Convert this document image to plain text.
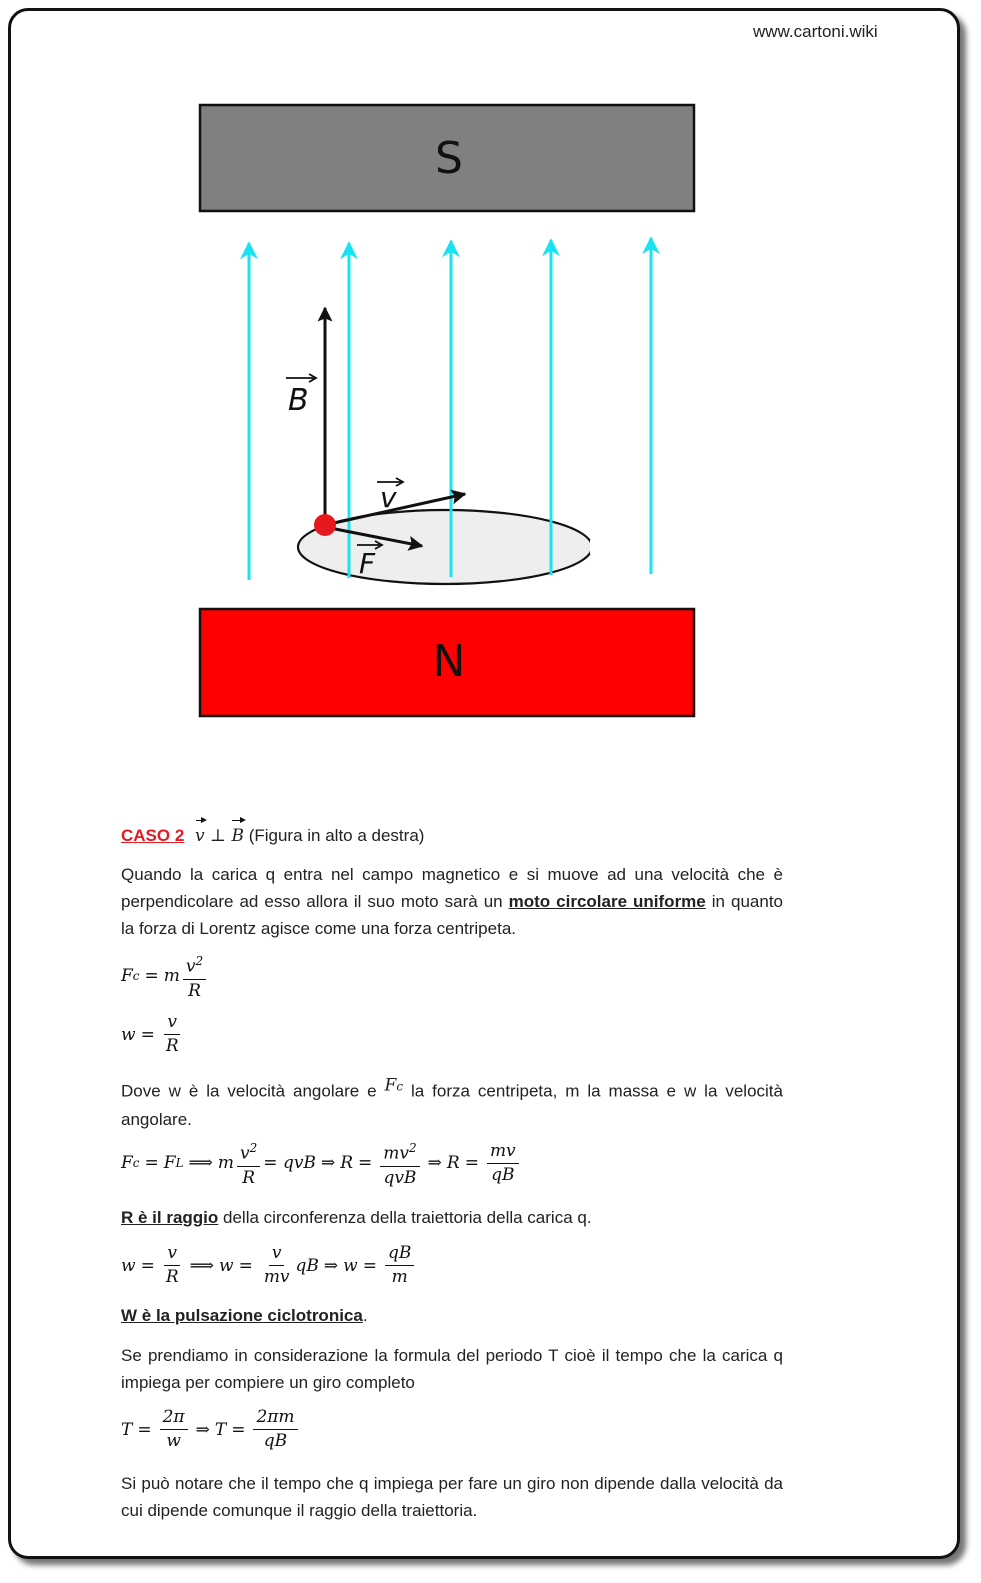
www.cartoni.wiki
S
B
v
F
N
CASO 2 v ⊥ B (Figura in alto a destra)
Quando la carica q entra nel campo magnetico e si muove ad una velocità che è perpendicolare ad esso allora il suo moto sarà un moto circolare uniforme in quanto la forza di Lorentz agisce come una forza centripeta.
F c = m $\frac{v^2}{R}$
$w = \frac{v}{R}$
Dove w è la velocità angolare e $^{Fc}$ la forza centripeta, m la massa e w la velocità angolare.
F c = F L ⟹ m $\frac{v^2}{R}$ = qvB ⇒ $R = \frac{mv^2}{\text{qvB}}$ ⇒ $R = \frac{mv}{qB}$
R è il raggio della circonferenza della traiettoria della carica q.
$w = \frac{v}{R}$ ⟹ $w = \frac{v}{mv}$ qB ⇒ $w = \frac{qB}{m}$
W è la pulsazione ciclotronica.
Se prendiamo in considerazione la formula del periodo T cioè il tempo che la carica q impiega per compiere un giro completo
$T = \frac{2\pi}{w}$ ⇒ $T = \frac{2\pi m}{qB}$
Si può notare che il tempo che q impiega per fare un giro non dipende dalla velocità da cui dipende comunque il raggio della traiettoria.
